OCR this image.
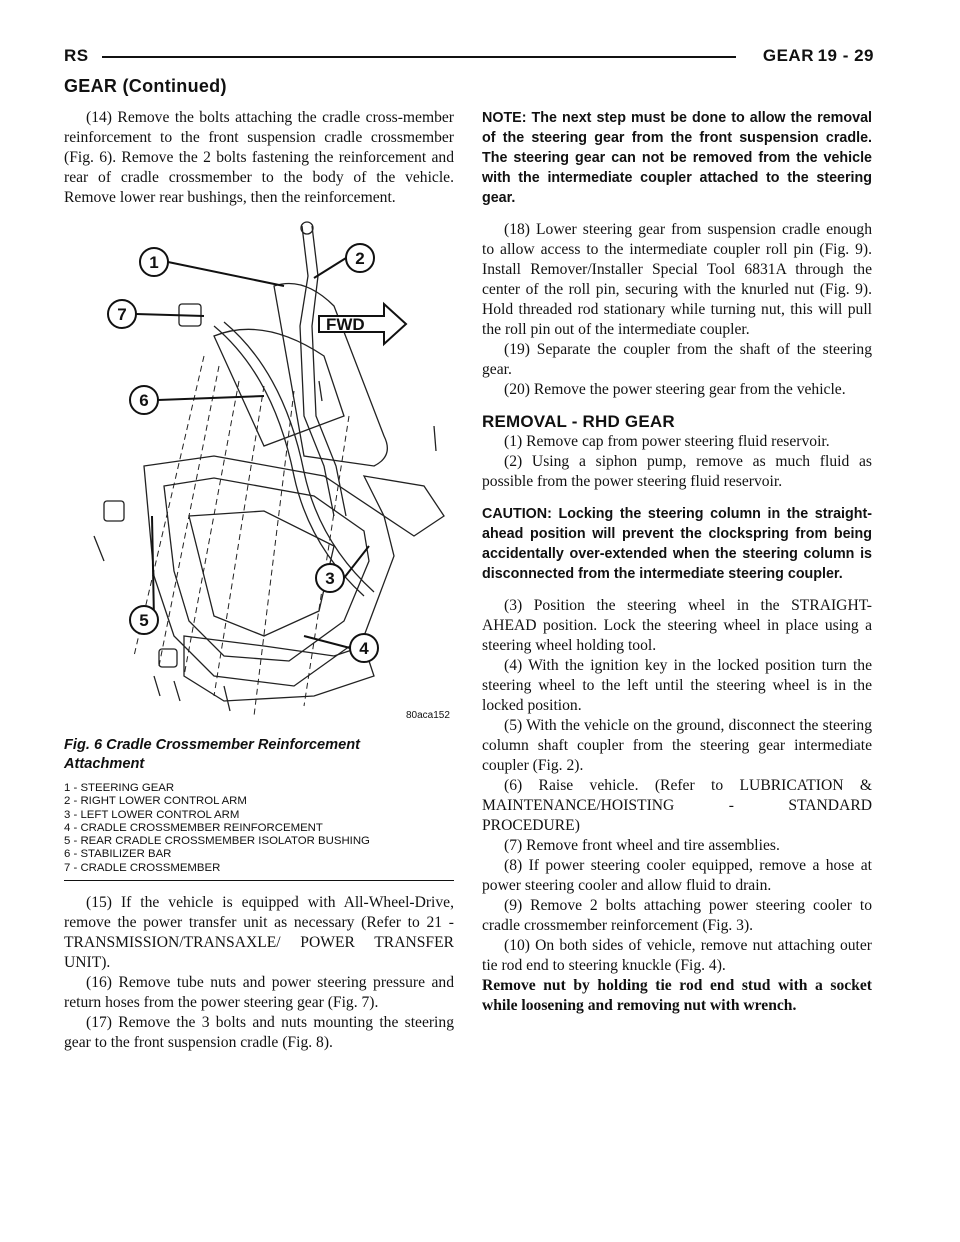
RS	GEAR 19 - 29
GEAR (Continued)

(14) Remove the bolts attaching the cradle cross-member reinforcement to the front suspension cradle crossmember (Fig. 6). Remove the 2 bolts fastening the reinforcement and rear of cradle crossmember to the body of the vehicle. Remove lower rear bushings, then the reinforcement.

FWD
1	2
3
4
5
6
7
80aca152

Fig. 6 Cradle Crossmember Reinforcement

Attachment

1 - STEERING GEAR
2 - RIGHT LOWER CONTROL ARM
3 - LEFT LOWER CONTROL ARM
4 - CRADLE CROSSMEMBER REINFORCEMENT
5 - REAR CRADLE CROSSMEMBER ISOLATOR BUSHING
6 - STABILIZER BAR
7 - CRADLE CROSSMEMBER

(15) If the vehicle is equipped with All-Wheel-Drive, remove the power transfer unit as necessary (Refer to 21 - TRANSMISSION/TRANSAXLE/ POWER TRANSFER UNIT).

(16) Remove tube nuts and power steering pressure and return hoses from the power steering gear (Fig. 7).

(17) Remove the 3 bolts and nuts mounting the steering gear to the front suspension cradle (Fig. 8).

NOTE: The next step must be done to allow the removal of the steering gear from the front suspension cradle. The steering gear can not be removed from the vehicle with the intermediate coupler attached to the steering gear.

(18) Lower steering gear from suspension cradle enough to allow access to the intermediate coupler roll pin (Fig. 9). Install Remover/Installer Special Tool 6831A through the center of the roll pin, securing with the knurled nut (Fig. 9). Hold threaded rod stationary while turning nut, this will pull the roll pin out of the intermediate coupler.

(19) Separate the coupler from the shaft of the steering gear.

(20) Remove the power steering gear from the vehicle.

REMOVAL - RHD GEAR

(1) Remove cap from power steering fluid reservoir.

(2) Using a siphon pump, remove as much fluid as possible from the power steering fluid reservoir.

CAUTION: Locking the steering column in the straight-ahead position will prevent the clockspring from being accidentally over-extended when the steering column is disconnected from the intermediate steering coupler.

(3) Position the steering wheel in the STRAIGHT-AHEAD position. Lock the steering wheel in place using a steering wheel holding tool.

(4) With the ignition key in the locked position turn the steering wheel to the left until the steering wheel is in the locked position.

(5) With the vehicle on the ground, disconnect the steering column shaft coupler from the steering gear intermediate coupler (Fig. 2).

(6) Raise vehicle. (Refer to LUBRICATION & MAINTENANCE/HOISTING - STANDARD PROCEDURE)

(7) Remove front wheel and tire assemblies.

(8) If power steering cooler equipped, remove a hose at power steering cooler and allow fluid to drain.

(9) Remove 2 bolts attaching power steering cooler to cradle crossmember reinforcement (Fig. 3).

(10) On both sides of vehicle, remove nut attaching outer tie rod end to steering knuckle (Fig. 4).

Remove nut by holding tie rod end stud with a socket while loosening and removing nut with wrench.
